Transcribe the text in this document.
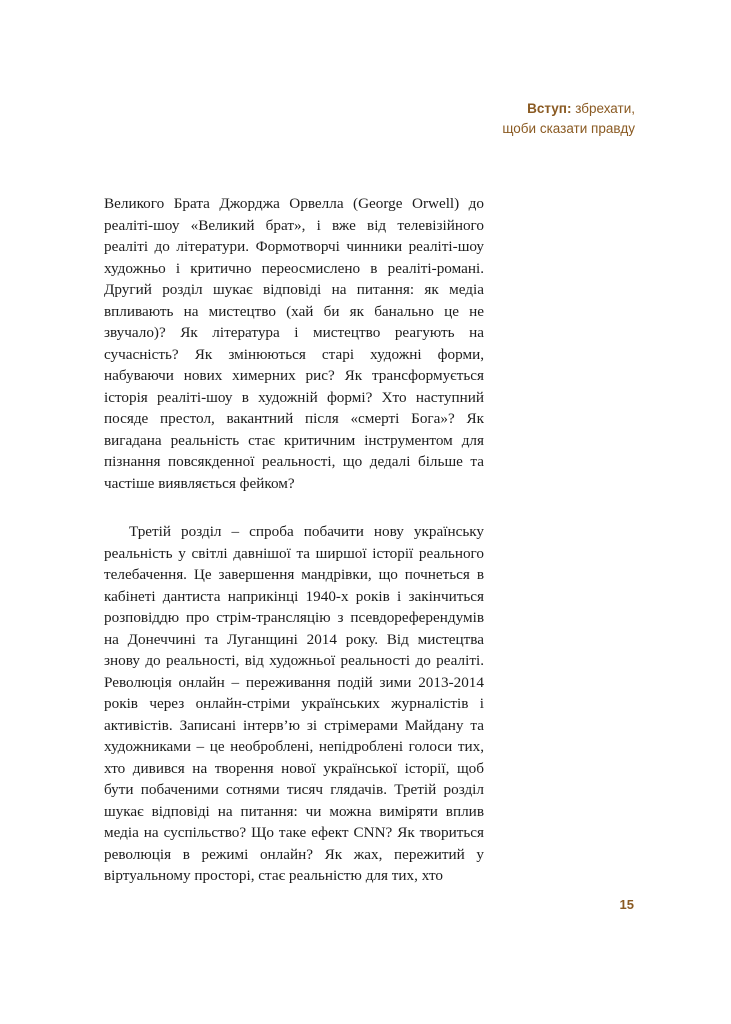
Вступ: збрехати,
щоби сказати правду

Великого Брата Джорджа Орвелла (George Orwell) до реаліті-шоу «Великий брат», і вже від телевізійного реаліті до літератури. Формотворчі чинники реаліті-шоу художньо і критично переосмислено в реаліті-романі. Другий розділ шукає відповіді на питання: як медіа впливають на мистецтво (хай би як банально це не звучало)? Як література і мистецтво реагують на сучасність? Як змінюються старі художні форми, набуваючи нових химерних рис? Як трансформується історія реаліті-шоу в художній формі? Хто наступний посяде престол, вакантний після «смерті Бога»? Як вигадана реальність стає критичним інструментом для пізнання повсякденної реальності, що дедалі більше та частіше виявляється фейком?

Третій розділ – спроба побачити нову українську реальність у світлі давнішої та ширшої історії реального телебачення. Це завершення мандрівки, що почнеться в кабінеті дантиста наприкінці 1940-х років і закінчиться розповіддю про стрім-трансляцію з псевдореферендумів на Донеччині та Луганщині 2014 року. Від мистецтва знову до реальності, від художньої реальності до реаліті. Революція онлайн – переживання подій зими 2013-2014 років через онлайн-стріми українських журналістів і активістів. Записані інтерв’ю зі стрімерами Майдану та художниками – це необроблені, непідроблені голоси тих, хто дивився на творення нової української історії, щоб бути побаченими сотнями тисяч глядачів. Третій розділ шукає відповіді на питання: чи можна виміряти вплив медіа на суспільство? Що таке ефект CNN? Як твориться революція в режимі онлайн? Як жах, пережитий у віртуальному просторі, стає реальністю для тих, хто

15
